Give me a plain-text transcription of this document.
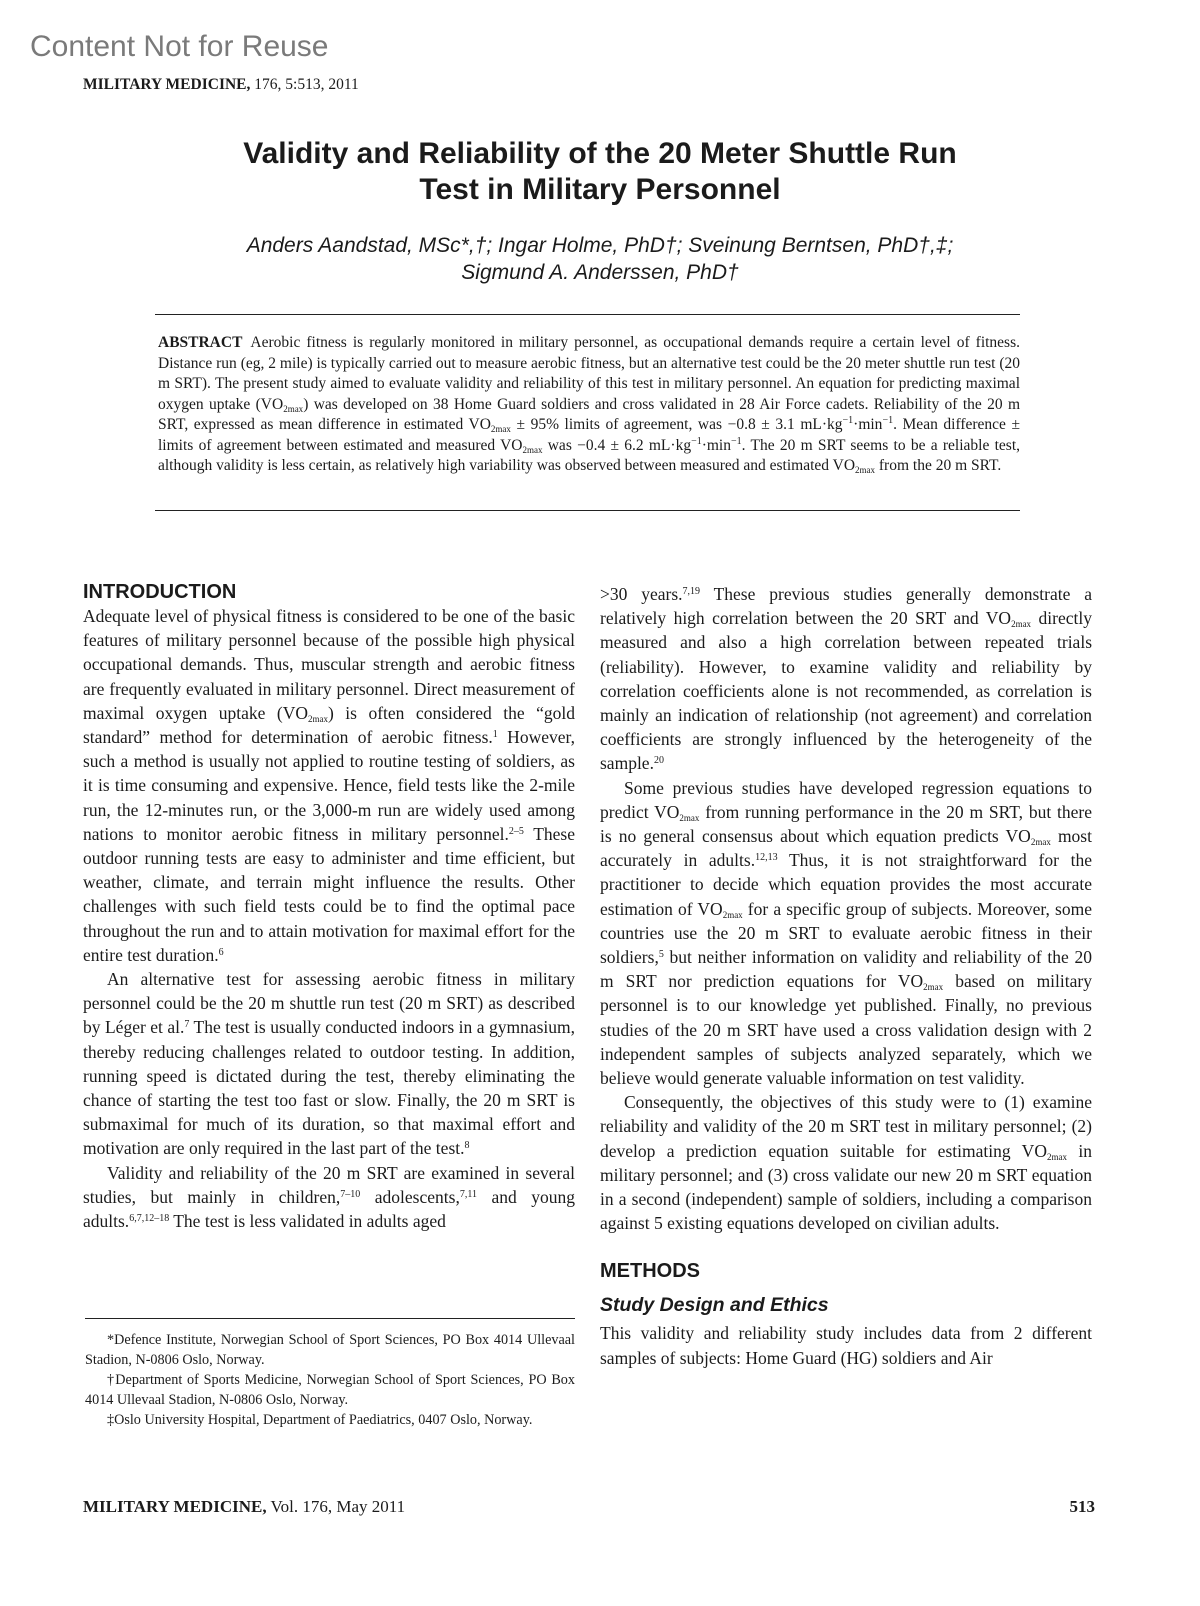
Content Not for Reuse
MILITARY MEDICINE, 176, 5:513, 2011
Validity and Reliability of the 20 Meter Shuttle Run
Test in Military Personnel
Anders Aandstad, MSc*,†; Ingar Holme, PhD†; Sveinung Berntsen, PhD†,‡;
Sigmund A. Anderssen, PhD†
ABSTRACT Aerobic fitness is regularly monitored in military personnel, as occupational demands require a certain level of fitness. Distance run (eg, 2 mile) is typically carried out to measure aerobic fitness, but an alternative test could be the 20 meter shuttle run test (20 m SRT). The present study aimed to evaluate validity and reliability of this test in military personnel. An equation for predicting maximal oxygen uptake $(VO_{2max})$ was developed on 38 Home Guard soldiers and cross validated in 28 Air Force cadets. Reliability of the 20 m SRT, expressed as mean difference in estimated $VO_{2max} \pm 95\%$ limits of agreement, was −0.8 ± 3.1 $mL\cdot kg^{-1}\cdot\min^{-1}$. Mean difference ± limits of agreement between estimated and measured $VO_{2max}$ was −0.4 ± 6.2 $mL\cdot kg^{-1}\cdot\min^{-1}$. The 20 m SRT seems to be a reliable test, although validity is less certain, as relatively high variability was observed between measured and estimated $VO_{2max}$ from the 20 m SRT.
INTRODUCTION

Adequate level of physical fitness is considered to be one of the basic features of military personnel because of the possible high physical occupational demands. Thus, muscular strength and aerobic fitness are frequently evaluated in military personnel. Direct measurement of maximal oxygen uptake $(VO_{2max})$ is often considered the “gold standard” method for determination of aerobic fitness.$^1$ However, such a method is usually not applied to routine testing of soldiers, as it is time consuming and expensive. Hence, field tests like the 2-mile run, the 12-minutes run, or the 3,000-m run are widely used among nations to monitor aerobic fitness in military personnel.$^{2-5}$ These outdoor running tests are easy to administer and time efficient, but weather, climate, and terrain might influence the results. Other challenges with such field tests could be to find the optimal pace throughout the run and to attain motivation for maximal effort for the entire test duration.$^6$

An alternative test for assessing aerobic fitness in military personnel could be the 20 m shuttle run test (20 m SRT) as described by Léger et al.$^7$ The test is usually conducted indoors in a gymnasium, thereby reducing challenges related to outdoor testing. In addition, running speed is dictated during the test, thereby eliminating the chance of starting the test too fast or slow. Finally, the 20 m SRT is submaximal for much of its duration, so that maximal effort and motivation are only required in the last part of the test.$^8$

Validity and reliability of the 20 m SRT are examined in several studies, but mainly in children,$^{7-10}$ adolescents,$^{7,11}$ and young adults.$^{6,7,12-18}$ The test is less validated in adults aged

>30 years.$^{7,19}$ These previous studies generally demonstrate a relatively high correlation between the 20 SRT and $VO_{2max}$ directly measured and also a high correlation between repeated trials (reliability). However, to examine validity and reliability by correlation coefficients alone is not recommended, as correlation is mainly an indication of relationship (not agreement) and correlation coefficients are strongly influenced by the heterogeneity of the sample.$^{20}$

Some previous studies have developed regression equations to predict $VO_{2max}$ from running performance in the 20 m SRT, but there is no general consensus about which equation predicts $VO_{2max}$ most accurately in adults.$^{12,13}$ Thus, it is not straightforward for the practitioner to decide which equation provides the most accurate estimation of $VO_{2max}$ for a specific group of subjects. Moreover, some countries use the 20 m SRT to evaluate aerobic fitness in their soldiers,$^5$ but neither information on validity and reliability of the 20 m SRT nor prediction equations for $VO_{2max}$ based on military personnel is to our knowledge yet published. Finally, no previous studies of the 20 m SRT have used a cross validation design with 2 independent samples of subjects analyzed separately, which we believe would generate valuable information on test validity.

Consequently, the objectives of this study were to (1) examine reliability and validity of the 20 m SRT test in military personnel; (2) develop a prediction equation suitable for estimating $VO_{2max}$ in military personnel; and (3) cross validate our new 20 m SRT equation in a second (independent) sample of soldiers, including a comparison against 5 existing equations developed on civilian adults.

METHODS
Study Design and Ethics

This validity and reliability study includes data from 2 different samples of subjects: Home Guard (HG) soldiers and Air

*Defence Institute, Norwegian School of Sport Sciences, PO Box 4014 Ullevaal Stadion, N-0806 Oslo, Norway.

†Department of Sports Medicine, Norwegian School of Sport Sciences, PO Box 4014 Ullevaal Stadion, N-0806 Oslo, Norway.

‡Oslo University Hospital, Department of Paediatrics, 0407 Oslo, Norway.

MILITARY MEDICINE, Vol. 176, May 2011	513
